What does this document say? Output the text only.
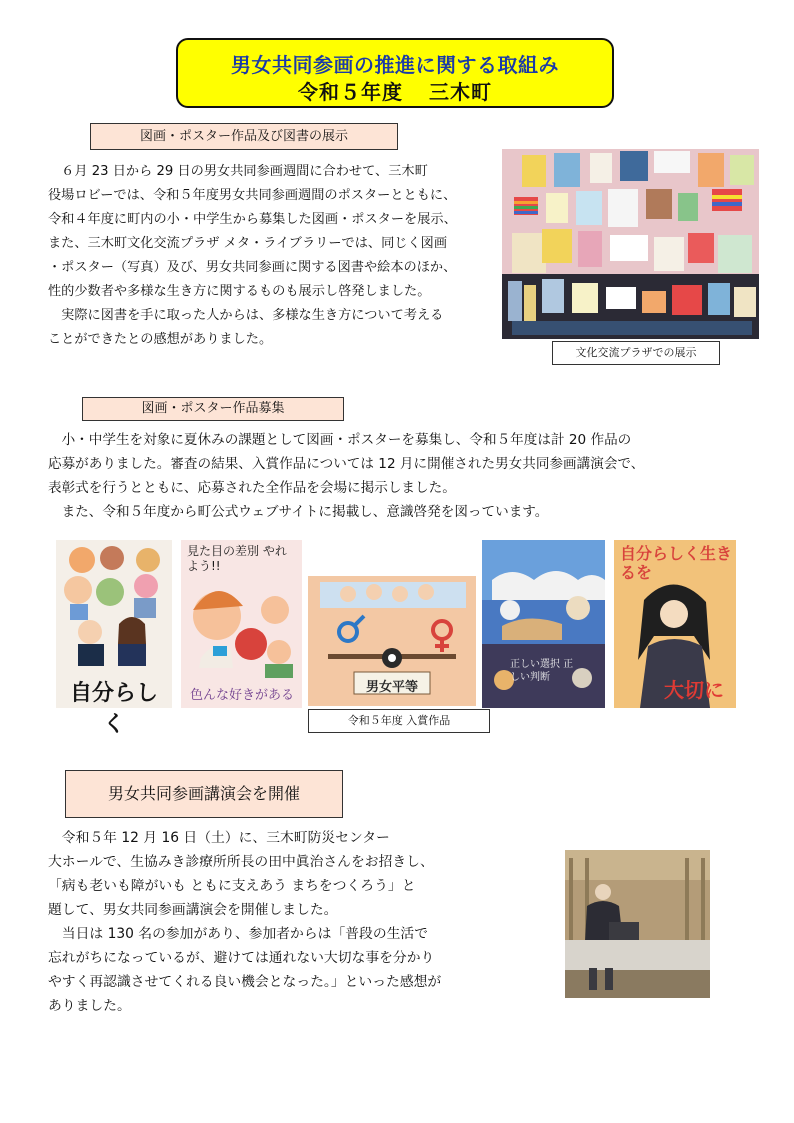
男女共同参画の推進に関する取組み
令和５年度 三木町
図画・ポスター作品及び図書の展示

　６月 23 日から 29 日の男女共同参画週間に合わせて、三木町

役場ロビーでは、令和５年度男女共同参画週間のポスターとともに、

令和４年度に町内の小・中学生から募集した図画・ポスターを展示、

また、三木町文化交流プラザ メタ・ライブラリーでは、同じく図画

・ポスター（写真）及び、男女共同参画に関する図書や絵本のほか、

性的少数者や多様な生き方に関するものも展示し啓発しました。

　実際に図書を手に取った人からは、多様な生き方について考える

ことができたとの感想がありました。

文化交流プラザでの展示
図画・ポスター作品募集

　小・中学生を対象に夏休みの課題として図画・ポスターを募集し、令和５年度は計 20 作品の

応募がありました。審査の結果、入賞作品については 12 月に開催された男女共同参画講演会で、

表彰式を行うとともに、応募された全作品を会場に掲示しました。

　また、令和５年度から町公式ウェブサイトに掲載し、意識啓発を図っています。

自分らしく
見た目の差別 やれよう!!
色んな好きがある
男女平等
正しい選択 正しい判断
自分らしく生きるを
大切に
令和５年度 入賞作品
男女共同参画講演会を開催

　令和５年 12 月 16 日（土）に、三木町防災センター

大ホールで、生協みき診療所所長の田中眞治さんをお招きし、

「病も老いも障がいも ともに支えあう まちをつくろう」と

題して、男女共同参画講演会を開催しました。

　当日は 130 名の参加があり、参加者からは「普段の生活で

忘れがちになっているが、避けては通れない大切な事を分かり

やすく再認識させてくれる良い機会となった。」といった感想が

ありました。
